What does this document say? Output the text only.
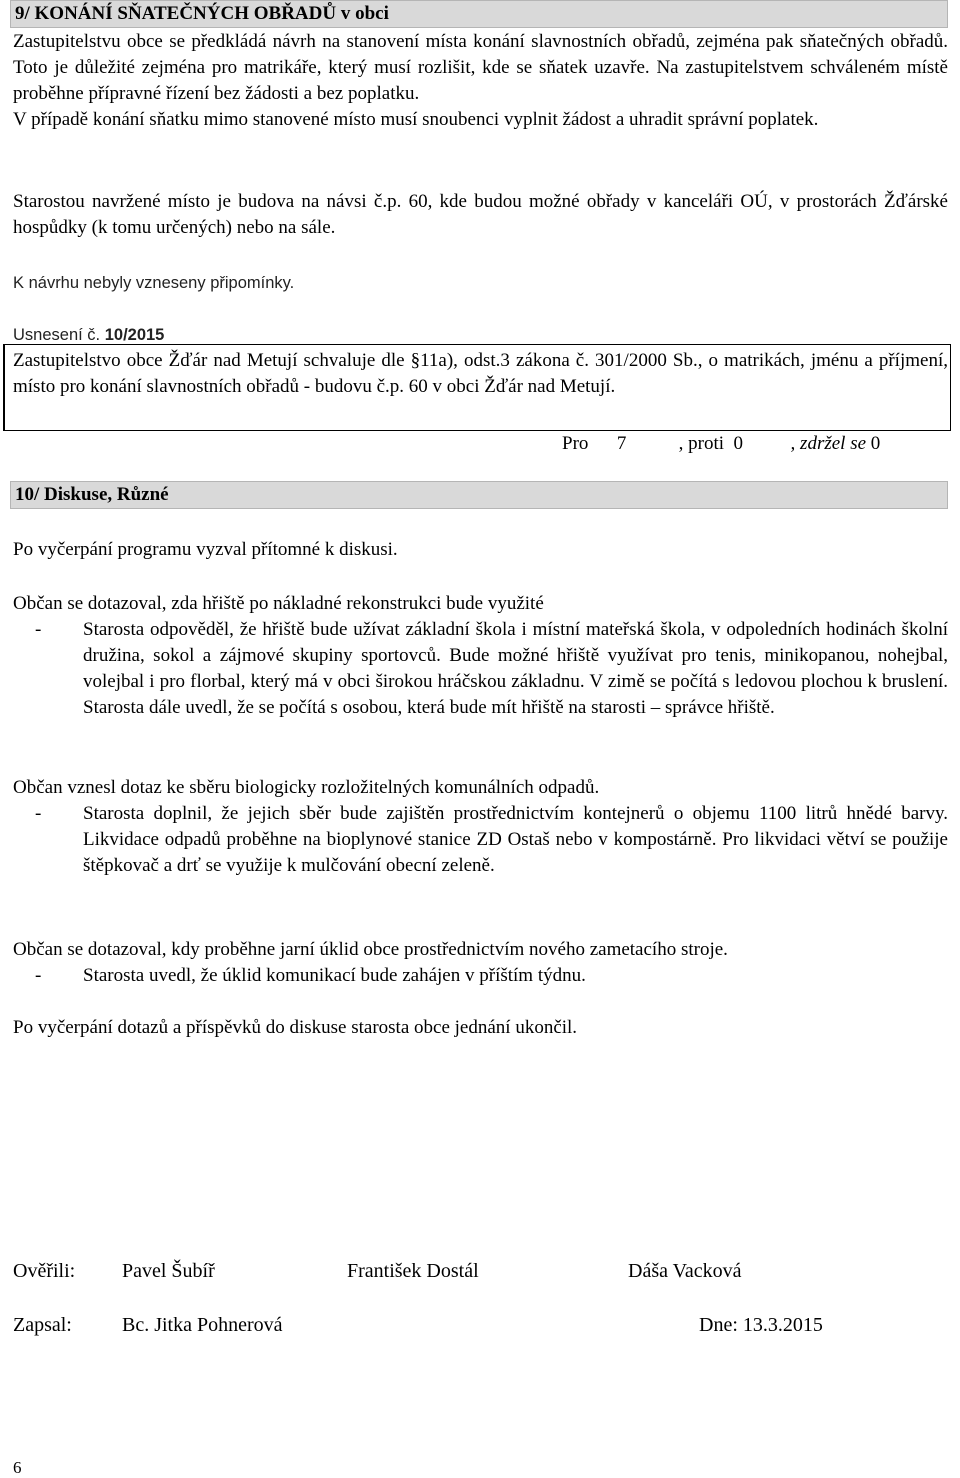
9/ KONÁNÍ SŇATEČNÝCH OBŘADŮ v obci

Zastupitelstvu obce se předkládá návrh na stanovení místa konání slavnostních obřadů, zejména pak sňatečných obřadů. Toto je důležité zejména pro matrikáře, který musí rozlišit, kde se sňatek uzavře. Na zastupitelstvem schváleném místě proběhne přípravné řízení bez žádosti a bez poplatku.

V případě konání sňatku mimo stanovené místo musí snoubenci vyplnit žádost a uhradit správní poplatek.

Starostou navržené místo je budova na návsi č.p. 60, kde budou možné obřady v kanceláři OÚ, v prostorách Žďárské hospůdky (k tomu určených) nebo na sále.

K návrhu nebyly vzneseny připomínky.

Usnesení č. 10/2015

Zastupitelstvo obce Žďár nad Metují schvaluje dle §11a), odst.3 zákona č. 301/2000 Sb., o matrikách, jménu a příjmení, místo pro konání slavnostních obřadů - budovu č.p. 60 v obci Žďár nad Metují.

Pro 7	, proti 0	, zdržel se 0
10/ Diskuse, Různé

Po vyčerpání programu vyzval přítomné k diskusi.

Občan se dotazoval, zda hřiště po nákladné rekonstrukci bude využité

- Starosta odpověděl, že hřiště bude užívat základní škola i místní mateřská škola, v odpoledních hodinách školní družina, sokol a zájmové skupiny sportovců. Bude možné hřiště využívat pro tenis, minikopanou, nohejbal, volejbal i pro florbal, který má v obci širokou hráčskou základnu. V zimě se počítá s ledovou plochou k bruslení. Starosta dále uvedl, že se počítá s osobou, která bude mít hřiště na starosti – správce hřiště.

Občan vznesl dotaz ke sběru biologicky rozložitelných komunálních odpadů.

- Starosta doplnil, že jejich sběr bude zajištěn prostřednictvím kontejnerů o objemu 1100 litrů hnědé barvy. Likvidace odpadů proběhne na bioplynové stanice ZD Ostaš nebo v kompostárně. Pro likvidaci větví se použije štěpkovač a drť se využije k mulčování obecní zeleně.

Občan se dotazoval, kdy proběhne jarní úklid obce prostřednictvím nového zametacího stroje.

- Starosta uvedl, že úklid komunikací bude zahájen v příštím týdnu.

Po vyčerpání dotazů a příspěvků do diskuse starosta obce jednání ukončil.

Ověřili: Pavel Šubíř	František Dostál	Dáša Vacková
Zapsal:	Bc. Jitka Pohnerová	Dne: 13.3.2015
6
